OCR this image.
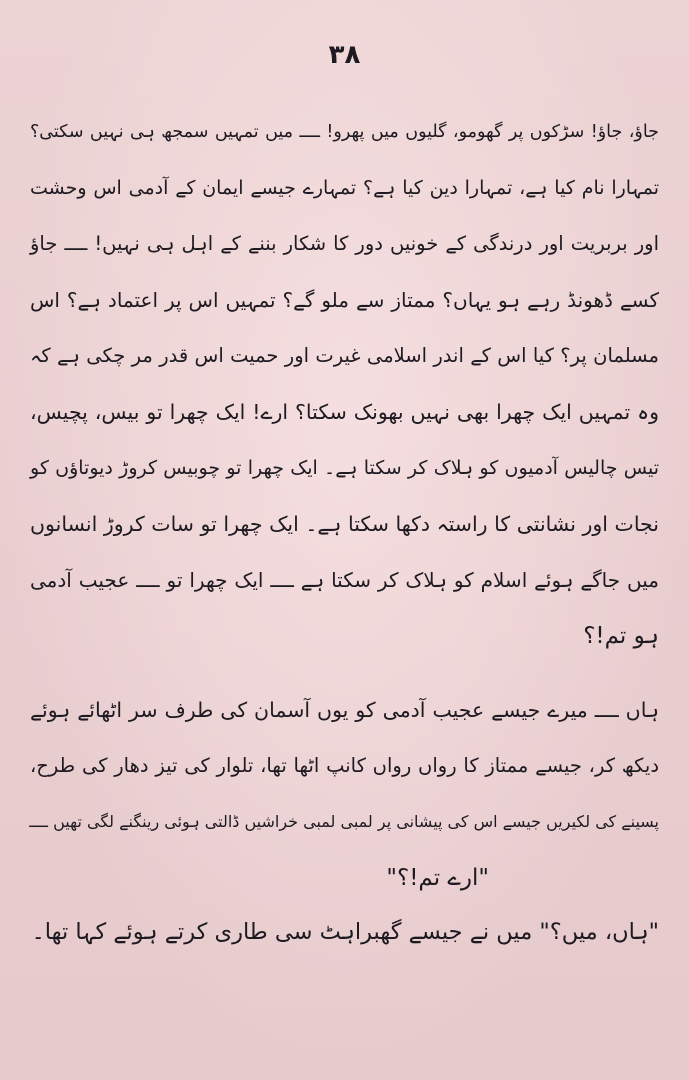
٣٨
جاؤ، جاؤ! سڑکوں پر گھومو، گلیوں میں پھرو! ــــ میں تمہیں سمجھ ہی نہیں سکتی؟
تمہارا نام کیا ہے، تمہارا دین کیا ہے؟ تمہارے جیسے ایمان کے آدمی اس وحشت
اور بربریت اور درندگی کے خونیں دور کا شکار بننے کے اہل ہی نہیں! ــــ جاؤ
کسے ڈھونڈ رہے ہو یہاں؟ ممتاز سے ملو گے؟ تمہیں اس پر اعتماد ہے؟ اس
مسلمان پر؟ کیا اس کے اندر اسلامی غیرت اور حمیت اس قدر مر چکی ہے کہ
وہ تمہیں ایک چھرا بھی نہیں بھونک سکتا؟ ارے! ایک چھرا تو بیس، پچیس،
تیس چالیس آدمیوں کو ہلاک کر سکتا ہے۔ ایک چھرا تو چوبیس کروڑ دیوتاؤں کو
نجات اور نشانتی کا راستہ دکھا سکتا ہے۔ ایک چھرا تو سات کروڑ انسانوں
میں جاگے ہوئے اسلام کو ہلاک کر سکتا ہے ــــ ایک چھرا تو ــــ عجیب آدمی
ہو تم!؟
ہاں ــــ میرے جیسے عجیب آدمی کو یوں آسمان کی طرف سر اٹھائے ہوئے
دیکھ کر، جیسے ممتاز کا رواں رواں کانپ اٹھا تھا، تلوار کی تیز دھار کی طرح،
پسینے کی لکیریں جیسے اس کی پیشانی پر لمبی لمبی خراشیں ڈالتی ہوئی رینگنے لگی تھیں ــــ
"ارے تم!؟"
"ہاں، میں؟" میں نے جیسے گھبراہٹ سی طاری کرتے ہوئے کہا تھا۔
